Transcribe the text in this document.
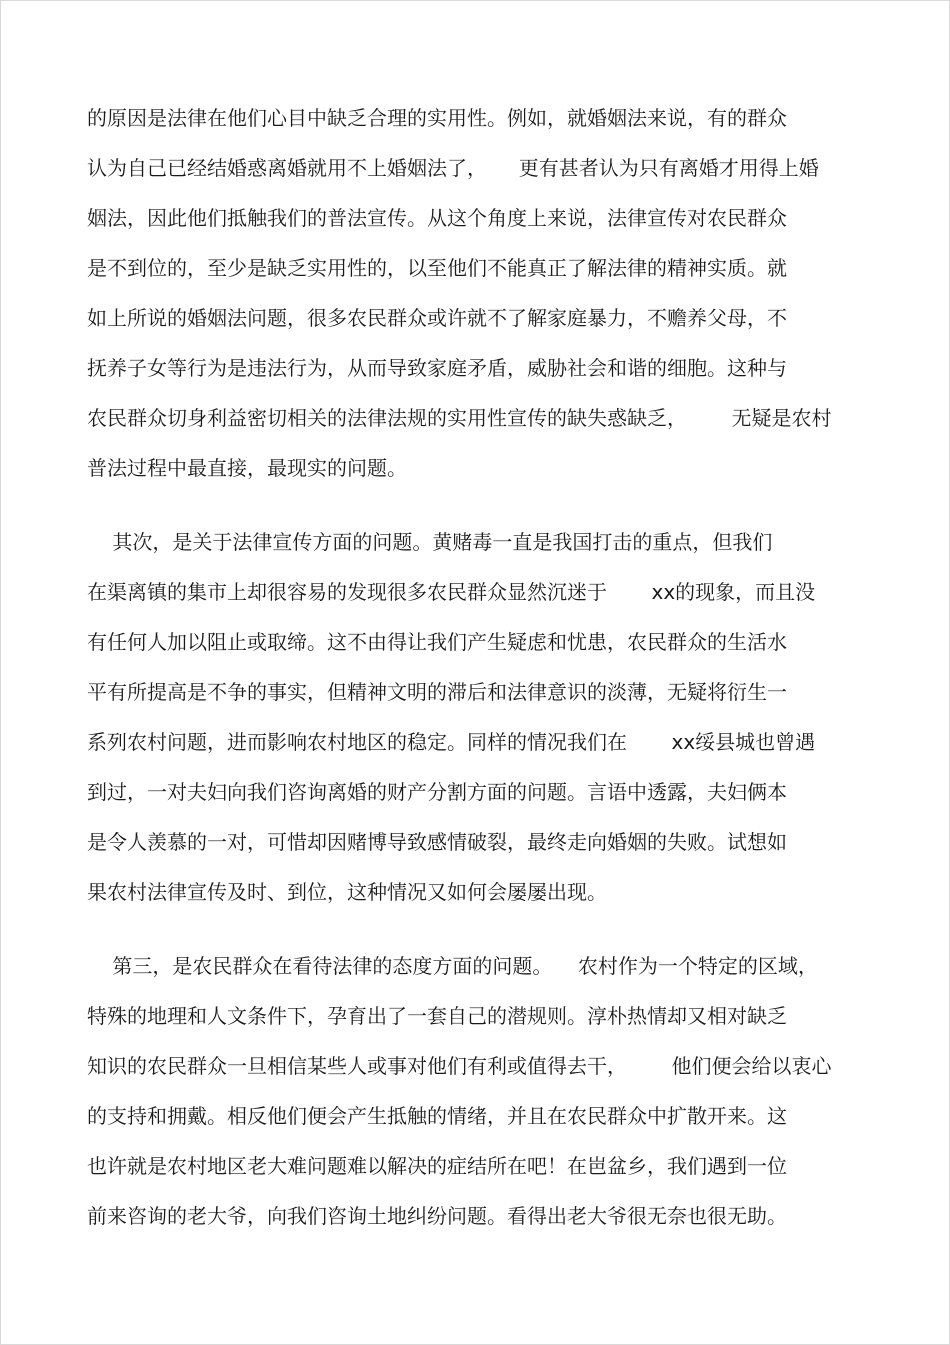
的原因是法律在他们心目中缺乏合理的实用性。例如，就婚姻法来说，有的群众
认为自己已经结婚惑离婚就用不上婚姻法了，     更有甚者认为只有离婚才用得上婚
姻法，因此他们抵触我们的普法宣传。从这个角度上来说，法律宣传对农民群众
是不到位的，至少是缺乏实用性的，以至他们不能真正了解法律的精神实质。就
如上所说的婚姻法问题，很多农民群众或许就不了解家庭暴力，不赡养父母，不
抚养子女等行为是违法行为，从而导致家庭矛盾，威胁社会和谐的细胞。这种与
农民群众切身利益密切相关的法律法规的实用性宣传的缺失惑缺乏，       无疑是农村
普法过程中最直接，最现实的问题。

其次，是关于法律宣传方面的问题。黄赌毒一直是我国打击的重点，但我们
在渠离镇的集市上却很容易的发现很多农民群众显然沉迷于       xx的现象，而且没
有任何人加以阻止或取缔。这不由得让我们产生疑虑和忧患，农民群众的生活水
平有所提高是不争的事实，但精神文明的滞后和法律意识的淡薄，无疑将衍生一
系列农村问题，进而影响农村地区的稳定。同样的情况我们在       xx绥县城也曾遇
到过，一对夫妇向我们咨询离婚的财产分割方面的问题。言语中透露，夫妇俩本
是令人羡慕的一对，可惜却因赌博导致感情破裂，最终走向婚姻的失败。试想如
果农村法律宣传及时、到位，这种情况又如何会屡屡出现。

第三，是农民群众在看待法律的态度方面的问题。    农村作为一个特定的区域，
特殊的地理和人文条件下，孕育出了一套自己的潜规则。淳朴热情却又相对缺乏
知识的农民群众一旦相信某些人或事对他们有利或值得去干，       他们便会给以衷心
的支持和拥戴。相反他们便会产生抵触的情绪，并且在农民群众中扩散开来。这
也许就是农村地区老大难问题难以解决的症结所在吧！在岜盆乡，我们遇到一位
前来咨询的老大爷，向我们咨询土地纠纷问题。看得出老大爷很无奈也很无助。
